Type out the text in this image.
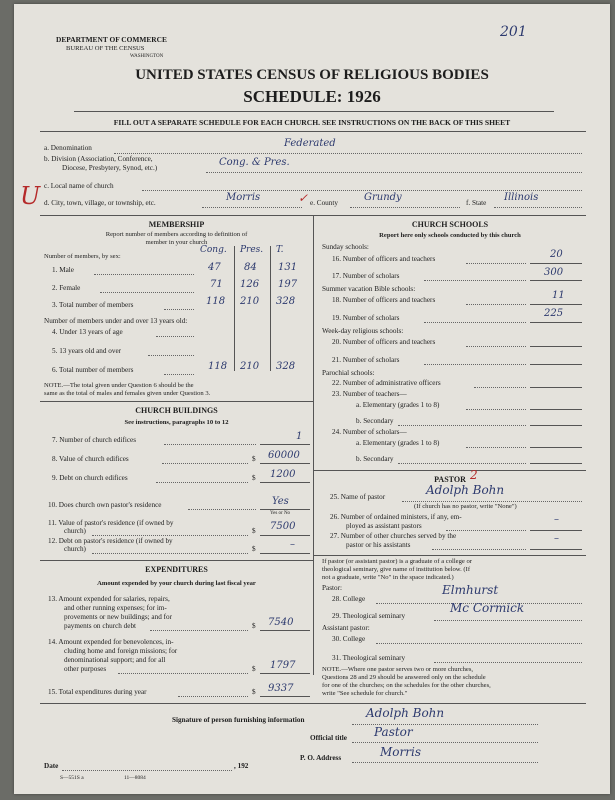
201
DEPARTMENT OF COMMERCE
BUREAU OF THE CENSUS
WASHINGTON
UNITED STATES CENSUS OF RELIGIOUS BODIES
SCHEDULE: 1926
FILL OUT A SEPARATE SCHEDULE FOR EACH CHURCH. SEE INSTRUCTIONS ON THE BACK OF THIS SHEET
a. Denomination	Federated
b. Division (Association, Conference,
Diocese, Presbytery, Synod, etc.)	Cong. & Pres.
U c. Local name of church
d. City, town, village, or township, etc.	Morris	✓ e. County	Grundy	f. State Illinois
MEMBERSHIP
Report number of members according to definition of
member in your church
Number of members, by sex:
Cong. Pres. T.
1. Male	47 84 131
2. Female	71 126 197
3. Total number of members	118 210 328
Number of members under and over 13 years old:
4. Under 13 years of age
5. 13 years old and over
6. Total number of members	118 210 328
NOTE.—The total given under Question 6 should be the
same as the total of males and females given under Question 3.
CHURCH BUILDINGS
See instructions, paragraphs 10 to 12
7. Number of church edifices	1
8. Value of church edifices	$ 60000
9. Debt on church edifices	$ 1200
10. Does church own pastor's residence	Yes
Yes or No
11. Value of pastor's residence (if owned by
church)	$ 7500
12. Debt on pastor's residence (if owned by
church)	$	–
EXPENDITURES
Amount expended by your church during last fiscal year
13. Amount expended for salaries, repairs,
and other running expenses; for im-
provements or new buildings; and for
payments on church debt	$ 7540
14. Amount expended for benevolences, in-
cluding home and foreign missions; for
denominational support; and for all
other purposes	$ 1797
15. Total expenditures during year	$ 9337
CHURCH SCHOOLS
Report here only schools conducted by this church
Sunday schools:
16. Number of officers and teachers	20
17. Number of scholars	300
Summer vacation Bible schools:
18. Number of officers and teachers	11
19. Number of scholars	225
Week-day religious schools:
20. Number of officers and teachers
21. Number of scholars
Parochial schools:
22. Number of administrative officers
23. Number of teachers—
a. Elementary (grades 1 to 8)
b. Secondary
24. Number of scholars—
a. Elementary (grades 1 to 8)
b. Secondary
PASTOR 2
25. Name of pastor	Adolph Bohn
(If church has no pastor, write "None")
26. Number of ordained ministers, if any, em-
ployed as assistant pastors
–
27. Number of other churches served by the
pastor or his assistants
–
If pastor (or assistant pastor) is a graduate of a college or
theological seminary, give name of institution below. (If
not a graduate, write "No" in the space indicated.)
Pastor:
28. College
Elmhurst
29. Theological seminary
Mc Cormick
Assistant pastor:
30. College
31. Theological seminary
NOTE.—Where one pastor serves two or more churches,
Questions 28 and 29 should be answered only on the schedule
for one of the churches; on the schedules for the other churches,
write "See schedule for church."
Signature of person furnishing information	Adolph Bohn
Official title Pastor
Date	, 192
P. O. Address	Morris
S—551S a	11—8084
